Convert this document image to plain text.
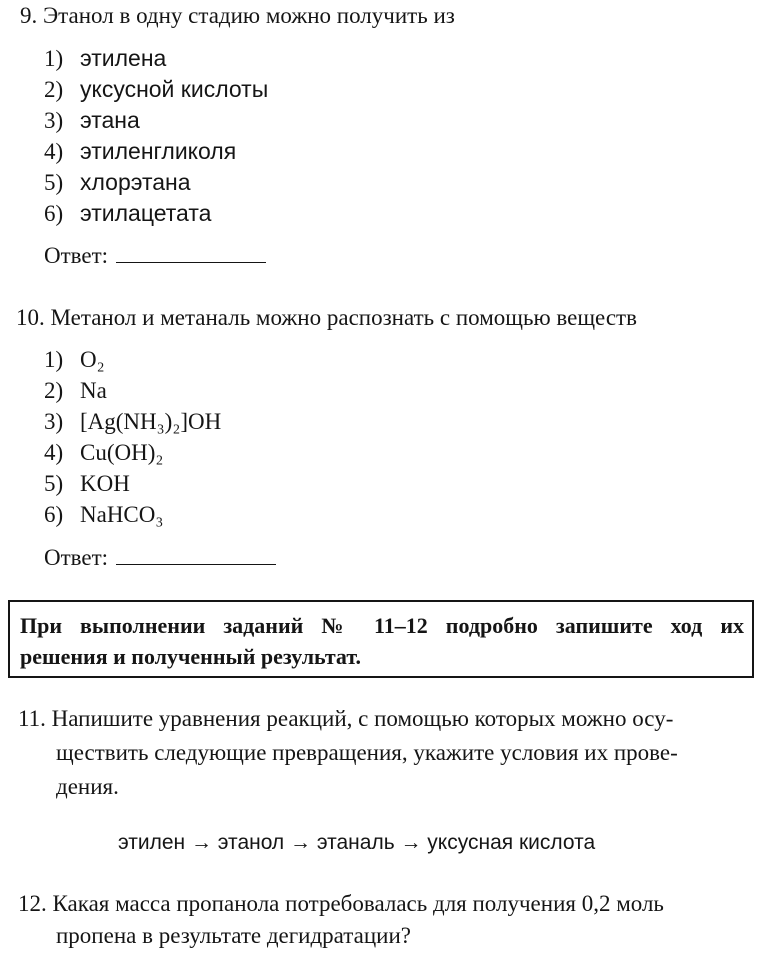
9. Этанол в одну стадию можно получить из
1) этилена
2) уксусной кислоты
3) этана
4) этиленгликоля
5) хлорэтана
6) этилацетата
Ответ:
10. Метанол и метаналь можно распознать с помощью веществ
1) O₂
2) Na
3) [Ag(NH₃)₂]OH
4) Cu(OH)₂
5) KOH
6) NaHCO₃
Ответ:
При выполнении заданий № 11–12 подробно запишите ход их
решения и полученный результат.
11. Напишите уравнения реакций, с помощью которых можно осу-
ществить следующие превращения, укажите условия их прове-
дения.
этилен → этанол → этаналь → уксусная кислота
12. Какая масса пропанола потребовалась для получения 0,2 моль
пропена в результате дегидратации?
